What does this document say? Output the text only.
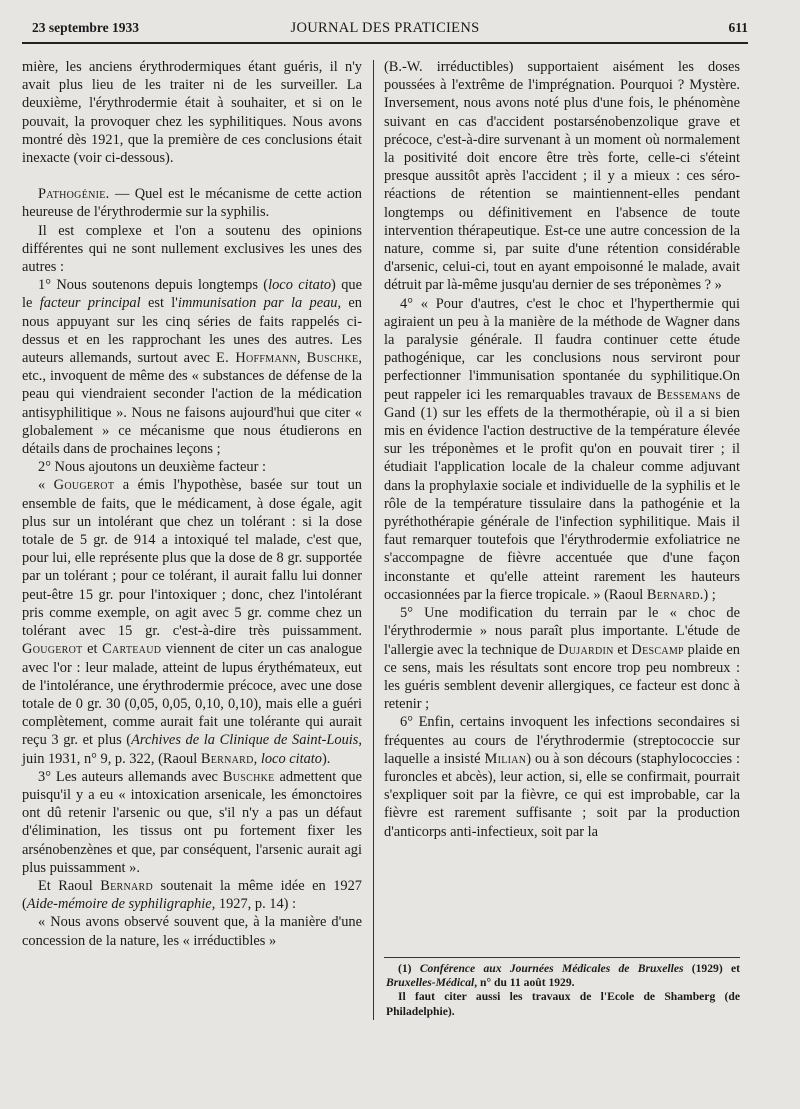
23 septembre 1933	JOURNAL DES PRATICIENS	611

mière, les anciens érythrodermiques étant guéris, il n'y avait plus lieu de les traiter ni de les surveiller. La deuxième, l'érythrodermie était à souhaiter, et si on le pouvait, la provoquer chez les syphilitiques. Nous avons montré dès 1921, que la première de ces conclusions était inexacte (voir ci-dessous).

Pathogénie. — Quel est le mécanisme de cette action heureuse de l'érythrodermie sur la syphilis.

Il est complexe et l'on a soutenu des opinions différentes qui ne sont nullement exclusives les unes des autres :

1° Nous soutenons depuis longtemps (loco citato) que le facteur principal est l'immunisation par la peau, en nous appuyant sur les cinq séries de faits rappelés ci-dessus et en les rapprochant les unes des autres. Les auteurs allemands, surtout avec E. Hoffmann, Buschke, etc., invoquent de même des « substances de défense de la peau qui viendraient seconder l'action de la médication antisyphilitique ». Nous ne faisons aujourd'hui que citer « globalement » ce mécanisme que nous étudierons en détails dans de prochaines leçons ;

2° Nous ajoutons un deuxième facteur :

« Gougerot a émis l'hypothèse, basée sur tout un ensemble de faits, que le médicament, à dose égale, agit plus sur un intolérant que chez un tolérant : si la dose totale de 5 gr. de 914 a intoxiqué tel malade, c'est que, pour lui, elle représente plus que la dose de 8 gr. supportée par un tolérant ; pour ce tolérant, il aurait fallu lui donner peut-être 15 gr. pour l'intoxiquer ; donc, chez l'intolérant pris comme exemple, on agit avec 5 gr. comme chez un tolérant avec 15 gr. c'est-à-dire très puissamment. Gougerot et Carteaud viennent de citer un cas analogue avec l'or : leur malade, atteint de lupus érythémateux, eut de l'intolérance, une érythrodermie précoce, avec une dose totale de 0 gr. 30 (0,05, 0,05, 0,10, 0,10), mais elle a guéri complètement, comme aurait fait une tolérante qui aurait reçu 3 gr. et plus (Archives de la Clinique de Saint-Louis, juin 1931, n° 9, p. 322, (Raoul Bernard, loco citato).

3° Les auteurs allemands avec Buschke admettent que puisqu'il y a eu « intoxication arsenicale, les émonctoires ont dû retenir l'arsenic ou que, s'il n'y a pas un défaut d'élimination, les tissus ont pu fortement fixer les arsénobenzènes et que, par conséquent, l'arsenic aurait agi plus puissamment ».

Et Raoul Bernard soutenait la même idée en 1927 (Aide-mémoire de syphiligraphie, 1927, p. 14) :

« Nous avons observé souvent que, à la manière d'une concession de la nature, les « irréductibles »

(B.-W. irréductibles) supportaient aisément les doses poussées à l'extrême de l'imprégnation. Pourquoi ? Mystère. Inversement, nous avons noté plus d'une fois, le phénomène suivant en cas d'accident postarsénobenzolique grave et précoce, c'est-à-dire survenant à un moment où normalement la positivité doit encore être très forte, celle-ci s'éteint presque aussitôt après l'accident ; il y a mieux : ces séro-réactions de rétention se maintiennent-elles pendant longtemps ou définitivement en l'absence de toute intervention thérapeutique. Est-ce une autre concession de la nature, comme si, par suite d'une rétention considérable d'arsenic, celui-ci, tout en ayant empoisonné le malade, avait détruit par là-même jusqu'au dernier de ses tréponèmes ? »

4° « Pour d'autres, c'est le choc et l'hyperthermie qui agiraient un peu à la manière de la méthode de Wagner dans la paralysie générale. Il faudra continuer cette étude pathogénique, car les conclusions nous serviront pour perfectionner l'immunisation spontanée du syphilitique.On peut rappeler ici les remarquables travaux de Bessemans de Gand (1) sur les effets de la thermothérapie, où il a si bien mis en évidence l'action destructive de la température élevée sur les tréponèmes et le profit qu'on en pouvait tirer ; il étudiait l'application locale de la chaleur comme adjuvant dans la prophylaxie sociale et individuelle de la syphilis et le rôle de la température tissulaire dans la pathogénie et la pyréthothérapie générale de l'infection syphilitique. Mais il faut remarquer toutefois que l'érythrodermie exfoliatrice ne s'accompagne de fièvre accentuée que d'une façon inconstante et qu'elle atteint rarement les hauteurs occasionnées par la fierce tropicale. » (Raoul Bernard.) ;

5° Une modification du terrain par le « choc de l'érythrodermie » nous paraît plus importante. L'étude de l'allergie avec la technique de Dujardin et Descamp plaide en ce sens, mais les résultats sont encore trop peu nombreux : les guéris semblent devenir allergiques, ce facteur est donc à retenir ;

6° Enfin, certains invoquent les infections secondaires si fréquentes au cours de l'érythrodermie (streptococcie sur laquelle a insisté Milian) ou à son décours (staphylococcies : furoncles et abcès), leur action, si, elle se confirmait, pourrait s'expliquer soit par la fièvre, ce qui est improbable, car la fièvre est rarement suffisante ; soit par la production d'anticorps anti-infectieux, soit par la

(1) Conférence aux Journées Médicales de Bruxelles (1929) et Bruxelles-Médical, n° du 11 août 1929.

Il faut citer aussi les travaux de l'Ecole de Shamberg (de Philadelphie).
